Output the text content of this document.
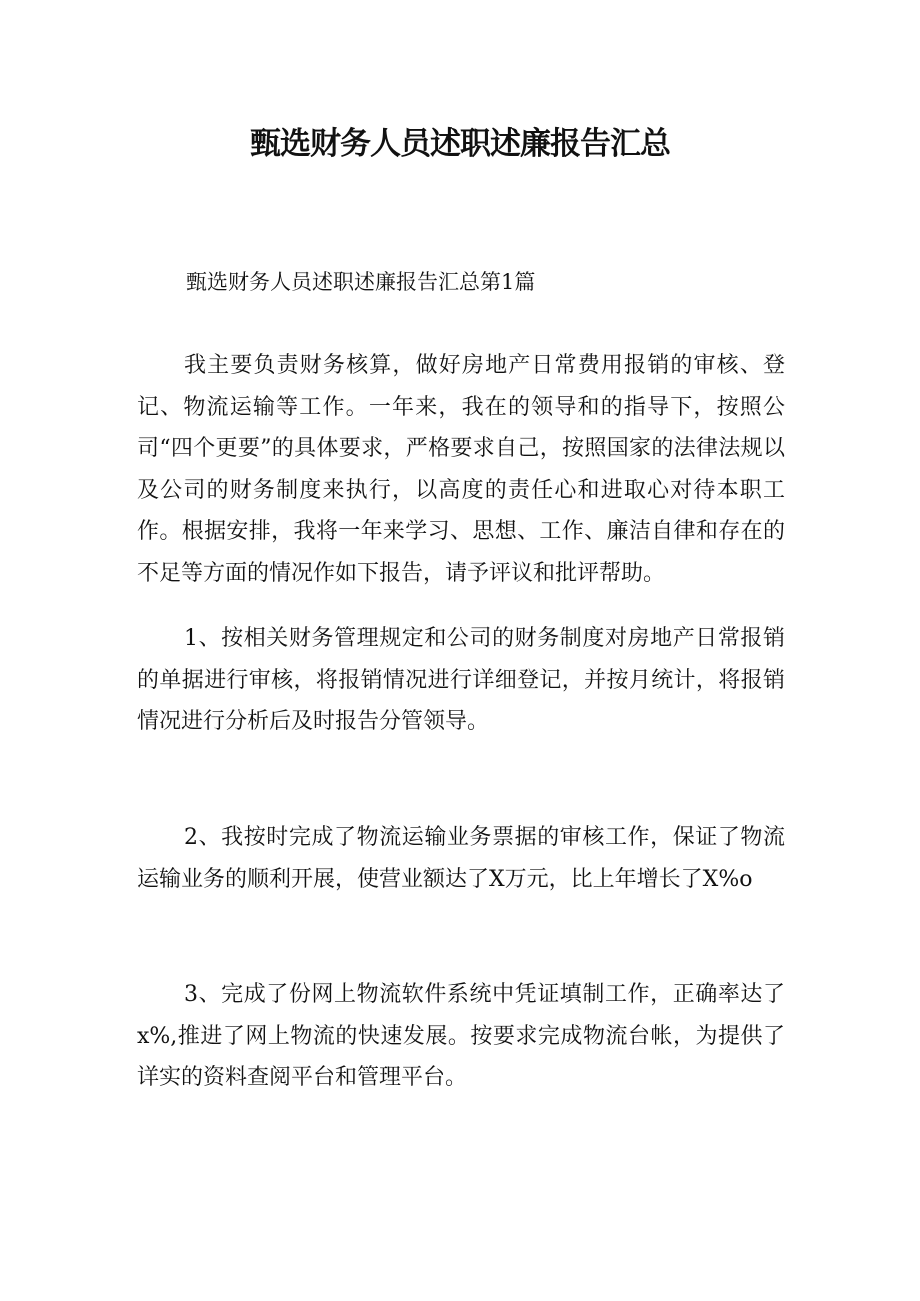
甄选财务人员述职述廉报告汇总

甄选财务人员述职述廉报告汇总第1篇

我主要负责财务核算，做好房地产日常费用报销的审核、登记、物流运输等工作。一年来，我在的领导和的指导下，按照公司“四个更要”的具体要求，严格要求自己，按照国家的法律法规以及公司的财务制度来执行，以高度的责任心和进取心对待本职工作。根据安排，我将一年来学习、思想、工作、廉洁自律和存在的不足等方面的情况作如下报告，请予评议和批评帮助。

1、按相关财务管理规定和公司的财务制度对房地产日常报销的单据进行审核，将报销情况进行详细登记，并按月统计，将报销情况进行分析后及时报告分管领导。

2、我按时完成了物流运输业务票据的审核工作，保证了物流运输业务的顺利开展，使营业额达了X万元，比上年增长了X%o

3、完成了份网上物流软件系统中凭证填制工作，正确率达了x%,推进了网上物流的快速发展。按要求完成物流台帐，为提供了详实的资料查阅平台和管理平台。
